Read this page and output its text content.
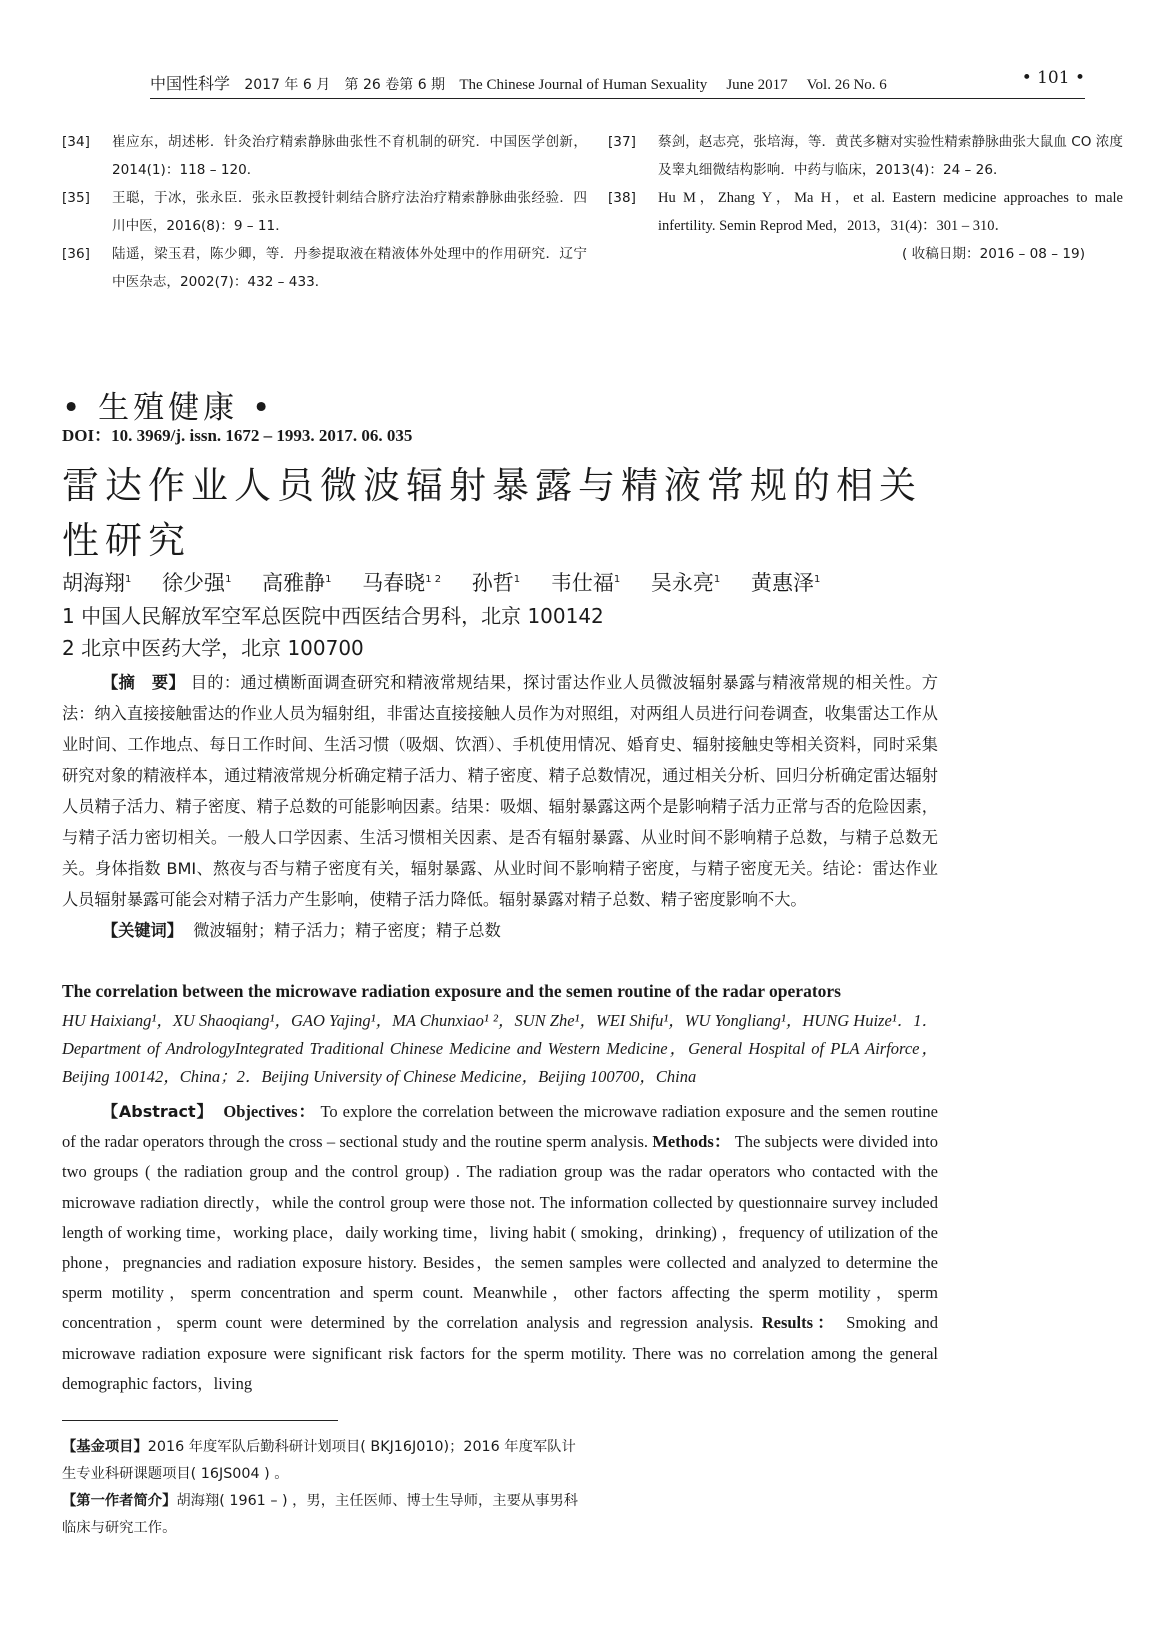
中国性科学 2017 年 6 月 第 26 卷第 6 期 The Chinese Journal of Human Sexuality June 2017 Vol. 26 No. 6	• 101 •
[34]	崔应东，胡述彬．针灸治疗精索静脉曲张性不育机制的研究．中国医学创新，2014(1)：118 – 120．
[35]	王聪，于冰，张永臣．张永臣教授针刺结合脐疗法治疗精索静脉曲张经验．四川中医，2016(8)：9 – 11．
[36]	陆遥，梁玉君，陈少卿，等．丹参提取液在精液体外处理中的作用研究．辽宁中医杂志，2002(7)：432 – 433．
[37]	蔡剑，赵志亮，张培海，等．黄芪多糖对实验性精索静脉曲张大鼠血 CO 浓度及睾丸细微结构影响．中药与临床，2013(4)：24 – 26．
[38]	Hu M，Zhang Y，Ma H，et al. Eastern medicine approaches to male infertility. Semin Reprod Med，2013，31(4)：301 – 310．
( 收稿日期：2016 – 08 – 19)
• 生殖健康 •
DOI：10. 3969/j. issn. 1672 – 1993. 2017. 06. 035
雷达作业人员微波辐射暴露与精液常规的相关性研究
胡海翔$^1$ 徐少强$^1$ 高雅静$^1$ 马春晓$^{1 2}$ 孙哲$^1$ 韦仕福$^1$ 吴永亮$^1$ 黄惠泽$^1$
1 中国人民解放军空军总医院中西医结合男科，北京 100142
2 北京中医药大学，北京 100700

【摘　要】 目的：通过横断面调查研究和精液常规结果，探讨雷达作业人员微波辐射暴露与精液常规的相关性。方法：纳入直接接触雷达的作业人员为辐射组，非雷达直接接触人员作为对照组，对两组人员进行问卷调查，收集雷达工作从业时间、工作地点、每日工作时间、生活习惯（吸烟、饮酒）、手机使用情况、婚育史、辐射接触史等相关资料，同时采集研究对象的精液样本，通过精液常规分析确定精子活力、精子密度、精子总数情况，通过相关分析、回归分析确定雷达辐射人员精子活力、精子密度、精子总数的可能影响因素。结果：吸烟、辐射暴露这两个是影响精子活力正常与否的危险因素，与精子活力密切相关。一般人口学因素、生活习惯相关因素、是否有辐射暴露、从业时间不影响精子总数，与精子总数无关。身体指数 BMI、熬夜与否与精子密度有关，辐射暴露、从业时间不影响精子密度，与精子密度无关。结论：雷达作业人员辐射暴露可能会对精子活力产生影响，使精子活力降低。辐射暴露对精子总数、精子密度影响不大。

【关键词】 微波辐射；精子活力；精子密度；精子总数

The correlation between the microwave radiation exposure and the semen routine of the radar operators
HU Haixiang¹，XU Shaoqiang¹，GAO Yajing¹，MA Chunxiao¹ ²，SUN Zhe¹，WEI Shifu¹，WU Yongliang¹，HUNG Huize¹．1．Department of AndrologyIntegrated Traditional Chinese Medicine and Western Medicine，General Hospital of PLA Airforce，Beijing 100142，China；2．Beijing University of Chinese Medicine，Beijing 100700，China

【Abstract】 Objectives： To explore the correlation between the microwave radiation exposure and the semen routine of the radar operators through the cross – sectional study and the routine sperm analysis. Methods： The subjects were divided into two groups ( the radiation group and the control group) . The radiation group was the radar operators who contacted with the microwave radiation directly，while the control group were those not. The information collected by questionnaire survey included length of working time，working place，daily working time，living habit ( smoking，drinking) ，frequency of utilization of the phone，pregnancies and radiation exposure history. Besides，the semen samples were collected and analyzed to determine the sperm motility，sperm concentration and sperm count. Meanwhile，other factors affecting the sperm motility，sperm concentration，sperm count were determined by the correlation analysis and regression analysis. Results： Smoking and microwave radiation exposure were significant risk factors for the sperm motility. There was no correlation among the general demographic factors，living

【基金项目】2016 年度军队后勤科研计划项目( BKJ16J010)；2016 年度军队计生专业科研课题项目( 16JS004 ) 。
【第一作者简介】胡海翔( 1961 – ) ，男，主任医师、博士生导师，主要从事男科临床与研究工作。
